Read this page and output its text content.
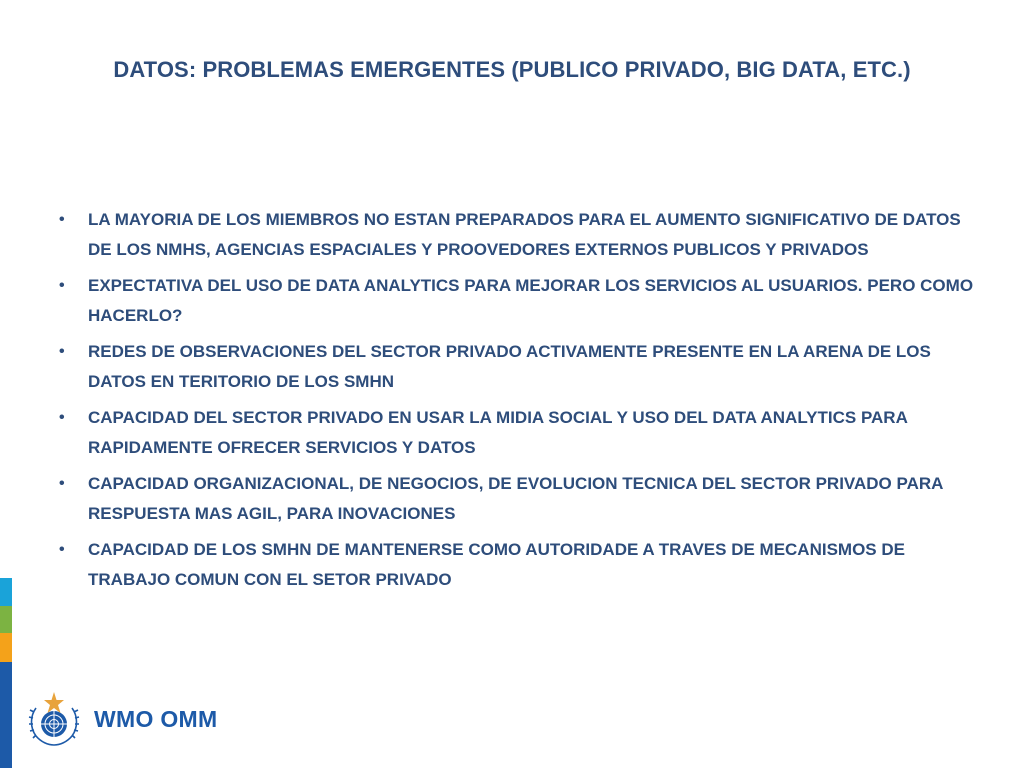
DATOS: PROBLEMAS EMERGENTES (PUBLICO PRIVADO, BIG DATA, ETC.)
• LA MAYORIA DE LOS MIEMBROS NO ESTAN PREPARADOS PARA EL AUMENTO SIGNIFICATIVO DE DATOS DE LOS NMHS, AGENCIAS ESPACIALES Y PROOVEDORES EXTERNOS PUBLICOS Y PRIVADOS
• EXPECTATIVA DEL USO DE DATA ANALYTICS PARA MEJORAR LOS SERVICIOS AL USUARIOS. PERO COMO HACERLO?
• REDES DE OBSERVACIONES DEL SECTOR PRIVADO ACTIVAMENTE PRESENTE EN LA ARENA DE LOS DATOS EN TERITORIO DE LOS SMHN
• CAPACIDAD DEL SECTOR PRIVADO EN USAR LA MIDIA SOCIAL Y USO DEL DATA ANALYTICS PARA RAPIDAMENTE OFRECER SERVICIOS Y DATOS
• CAPACIDAD ORGANIZACIONAL, DE NEGOCIOS, DE EVOLUCION TECNICA DEL SECTOR PRIVADO PARA RESPUESTA MAS AGIL, PARA INOVACIONES
• CAPACIDAD DE LOS SMHN DE MANTENERSE COMO AUTORIDADE A TRAVES DE MECANISMOS DE TRABAJO COMUN CON EL SETOR PRIVADO
WMO OMM
